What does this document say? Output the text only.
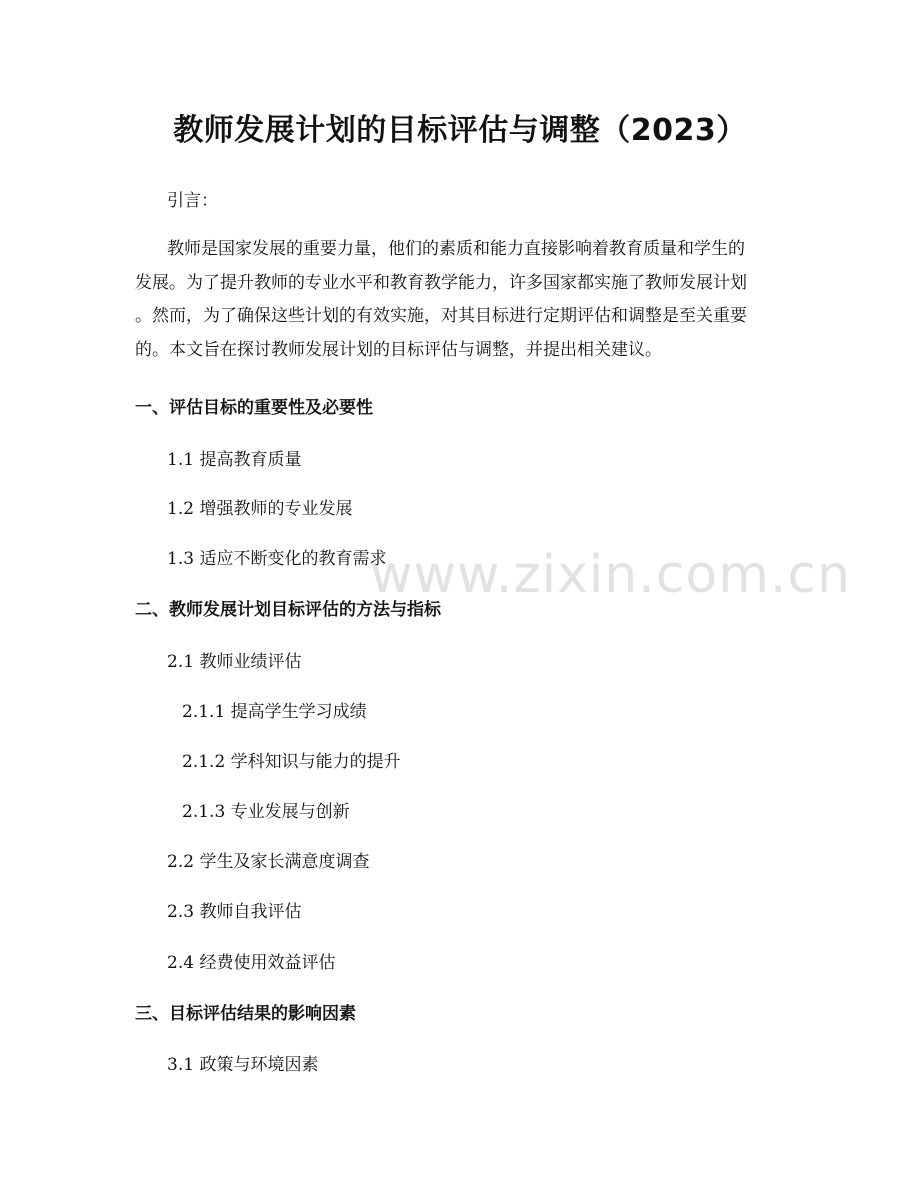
教师发展计划的目标评估与调整（2023）
引言：
教师是国家发展的重要力量，他们的素质和能力直接影响着教育质量和学生的
发展。为了提升教师的专业水平和教育教学能力，许多国家都实施了教师发展计划
。然而，为了确保这些计划的有效实施，对其目标进行定期评估和调整是至关重要
的。本文旨在探讨教师发展计划的目标评估与调整，并提出相关建议。
一、评估目标的重要性及必要性
1.1 提高教育质量
1.2 增强教师的专业发展
1.3 适应不断变化的教育需求
二、教师发展计划目标评估的方法与指标
2.1 教师业绩评估
2.1.1 提高学生学习成绩
2.1.2 学科知识与能力的提升
2.1.3 专业发展与创新
2.2 学生及家长满意度调查
2.3 教师自我评估
2.4 经费使用效益评估
三、目标评估结果的影响因素
3.1 政策与环境因素
www.zixin.com.cn
